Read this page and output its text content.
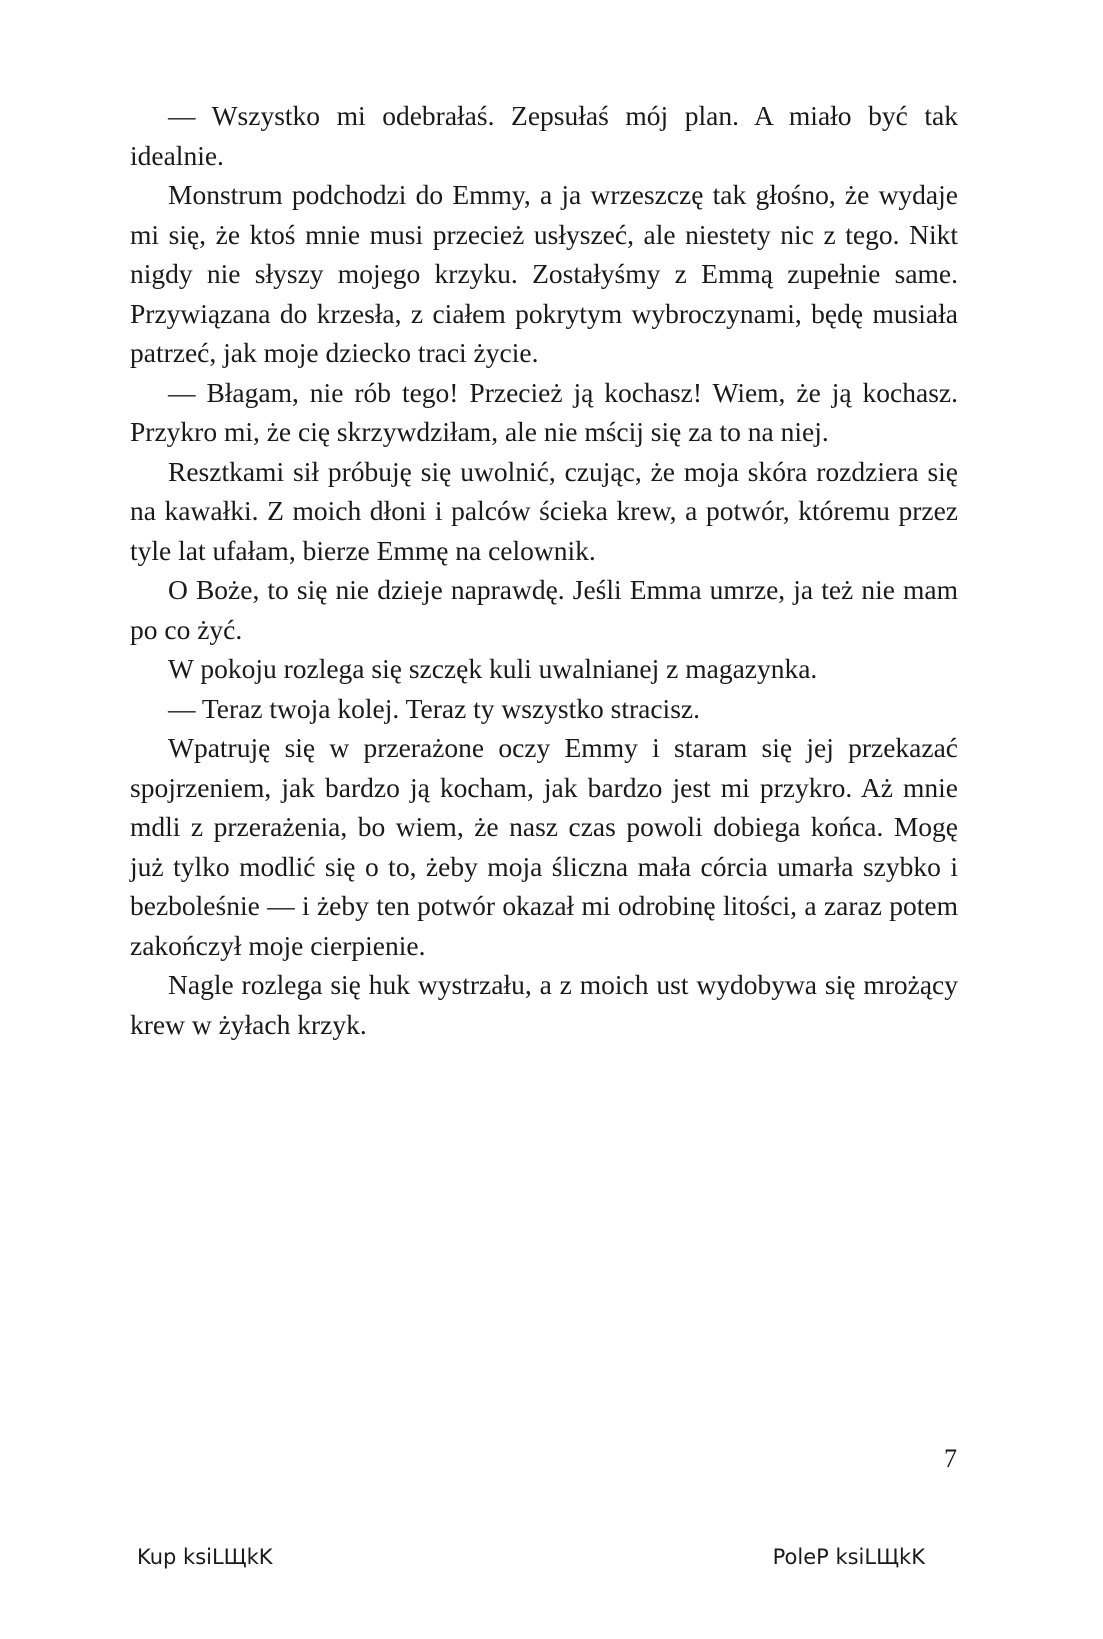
— Wszystko mi odebrałaś. Zepsułaś mój plan. A miało być tak idealnie.

Monstrum podchodzi do Emmy, a ja wrzeszczę tak głośno, że wydaje mi się, że ktoś mnie musi przecież usłyszeć, ale niestety nic z tego. Nikt nigdy nie słyszy mojego krzyku. Zostałyśmy z Emmą zupełnie same. Przywiązana do krzesła, z ciałem pokrytym wybroczynami, będę musiała patrzeć, jak moje dziecko traci życie.

— Błagam, nie rób tego! Przecież ją kochasz! Wiem, że ją kochasz. Przykro mi, że cię skrzywdziłam, ale nie mścij się za to na niej.

Resztkami sił próbuję się uwolnić, czując, że moja skóra rozdziera się na kawałki. Z moich dłoni i palców ścieka krew, a potwór, któremu przez tyle lat ufałam, bierze Emmę na celownik.

O Boże, to się nie dzieje naprawdę. Jeśli Emma umrze, ja też nie mam po co żyć.

W pokoju rozlega się szczęk kuli uwalnianej z magazynka.

— Teraz twoja kolej. Teraz ty wszystko stracisz.

Wpatruję się w przerażone oczy Emmy i staram się jej przekazać spojrzeniem, jak bardzo ją kocham, jak bardzo jest mi przykro. Aż mnie mdli z przerażenia, bo wiem, że nasz czas powoli dobiega końca. Mogę już tylko modlić się o to, żeby moja śliczna mała córcia umarła szybko i bezboleśnie — i żeby ten potwór okazał mi odrobinę litości, a zaraz potem zakończył moje cierpienie.

Nagle rozlega się huk wystrzału, a z moich ust wydobywa się mrożący krew w żyłach krzyk.

7
Kup ksiLЩkK	PoleP ksiLЩkK
